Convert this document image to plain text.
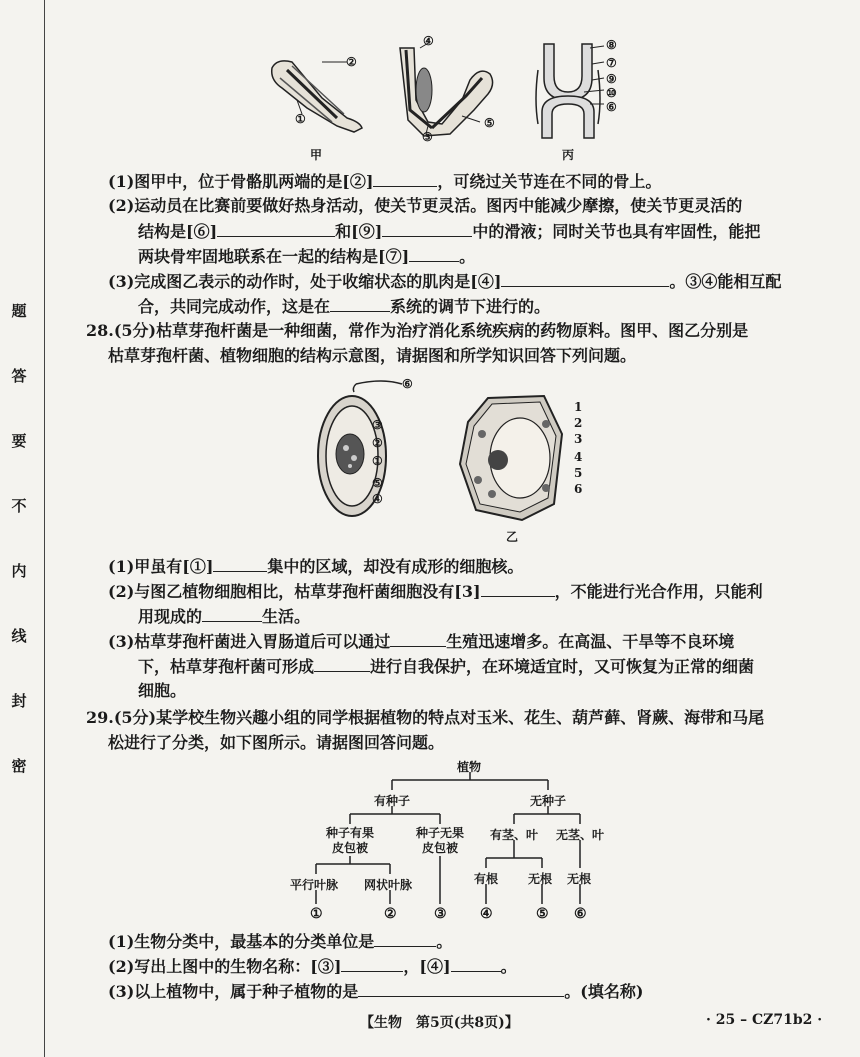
题
答
要
不
内
线
封
密
②
①
④
③
⑤
⑧
⑦
⑨
⑩
⑥
甲	丙
(1)图甲中，位于骨骼肌两端的是[②]	，可绕过关节连在不同的骨上。
(2)运动员在比赛前要做好热身活动，使关节更灵活。图丙中能减少摩擦，使关节更灵活的
结构是[⑥]	和[⑨]	中的滑液；同时关节也具有牢固性，能把
两块骨牢固地联系在一起的结构是[⑦]	。
(3)完成图乙表示的动作时，处于收缩状态的肌肉是[④]	。③④能相互配
合，共同完成动作，这是在	系统的调节下进行的。
28.(5分)枯草芽孢杆菌是一种细菌，常作为治疗消化系统疾病的药物原料。图甲、图乙分别是
枯草芽孢杆菌、植物细胞的结构示意图，请据图和所学知识回答下列问题。
⑥
③
②
①
⑤
④
1
2
3
4
5
6
乙
(1)甲虽有[①]	集中的区域，却没有成形的细胞核。
(2)与图乙植物细胞相比，枯草芽孢杆菌细胞没有[3]	，不能进行光合作用，只能利
用现成的	生活。
(3)枯草芽孢杆菌进入胃肠道后可以通过	生殖迅速增多。在高温、干旱等不良环境
下，枯草芽孢杆菌可形成	进行自我保护，在环境适宜时，又可恢复为正常的细菌
细胞。
29.(5分)某学校生物兴趣小组的同学根据植物的特点对玉米、花生、葫芦藓、肾蕨、海带和马尾
松进行了分类，如下图所示。请据图回答问题。
植物
有种子	无种子
种子有果
皮包被
种子无果
皮包被
有茎、叶 无茎、叶
平行叶脉 网状叶脉	有根 无根 无根
①	②	③ ④	⑤ ⑥
(1)生物分类中，最基本的分类单位是	。
(2)写出上图中的生物名称：[③]	，[④]	。
(3)以上植物中，属于种子植物的是	。(填名称)
【生物　第5页(共8页)】	· 25 – CZ71b2 ·
